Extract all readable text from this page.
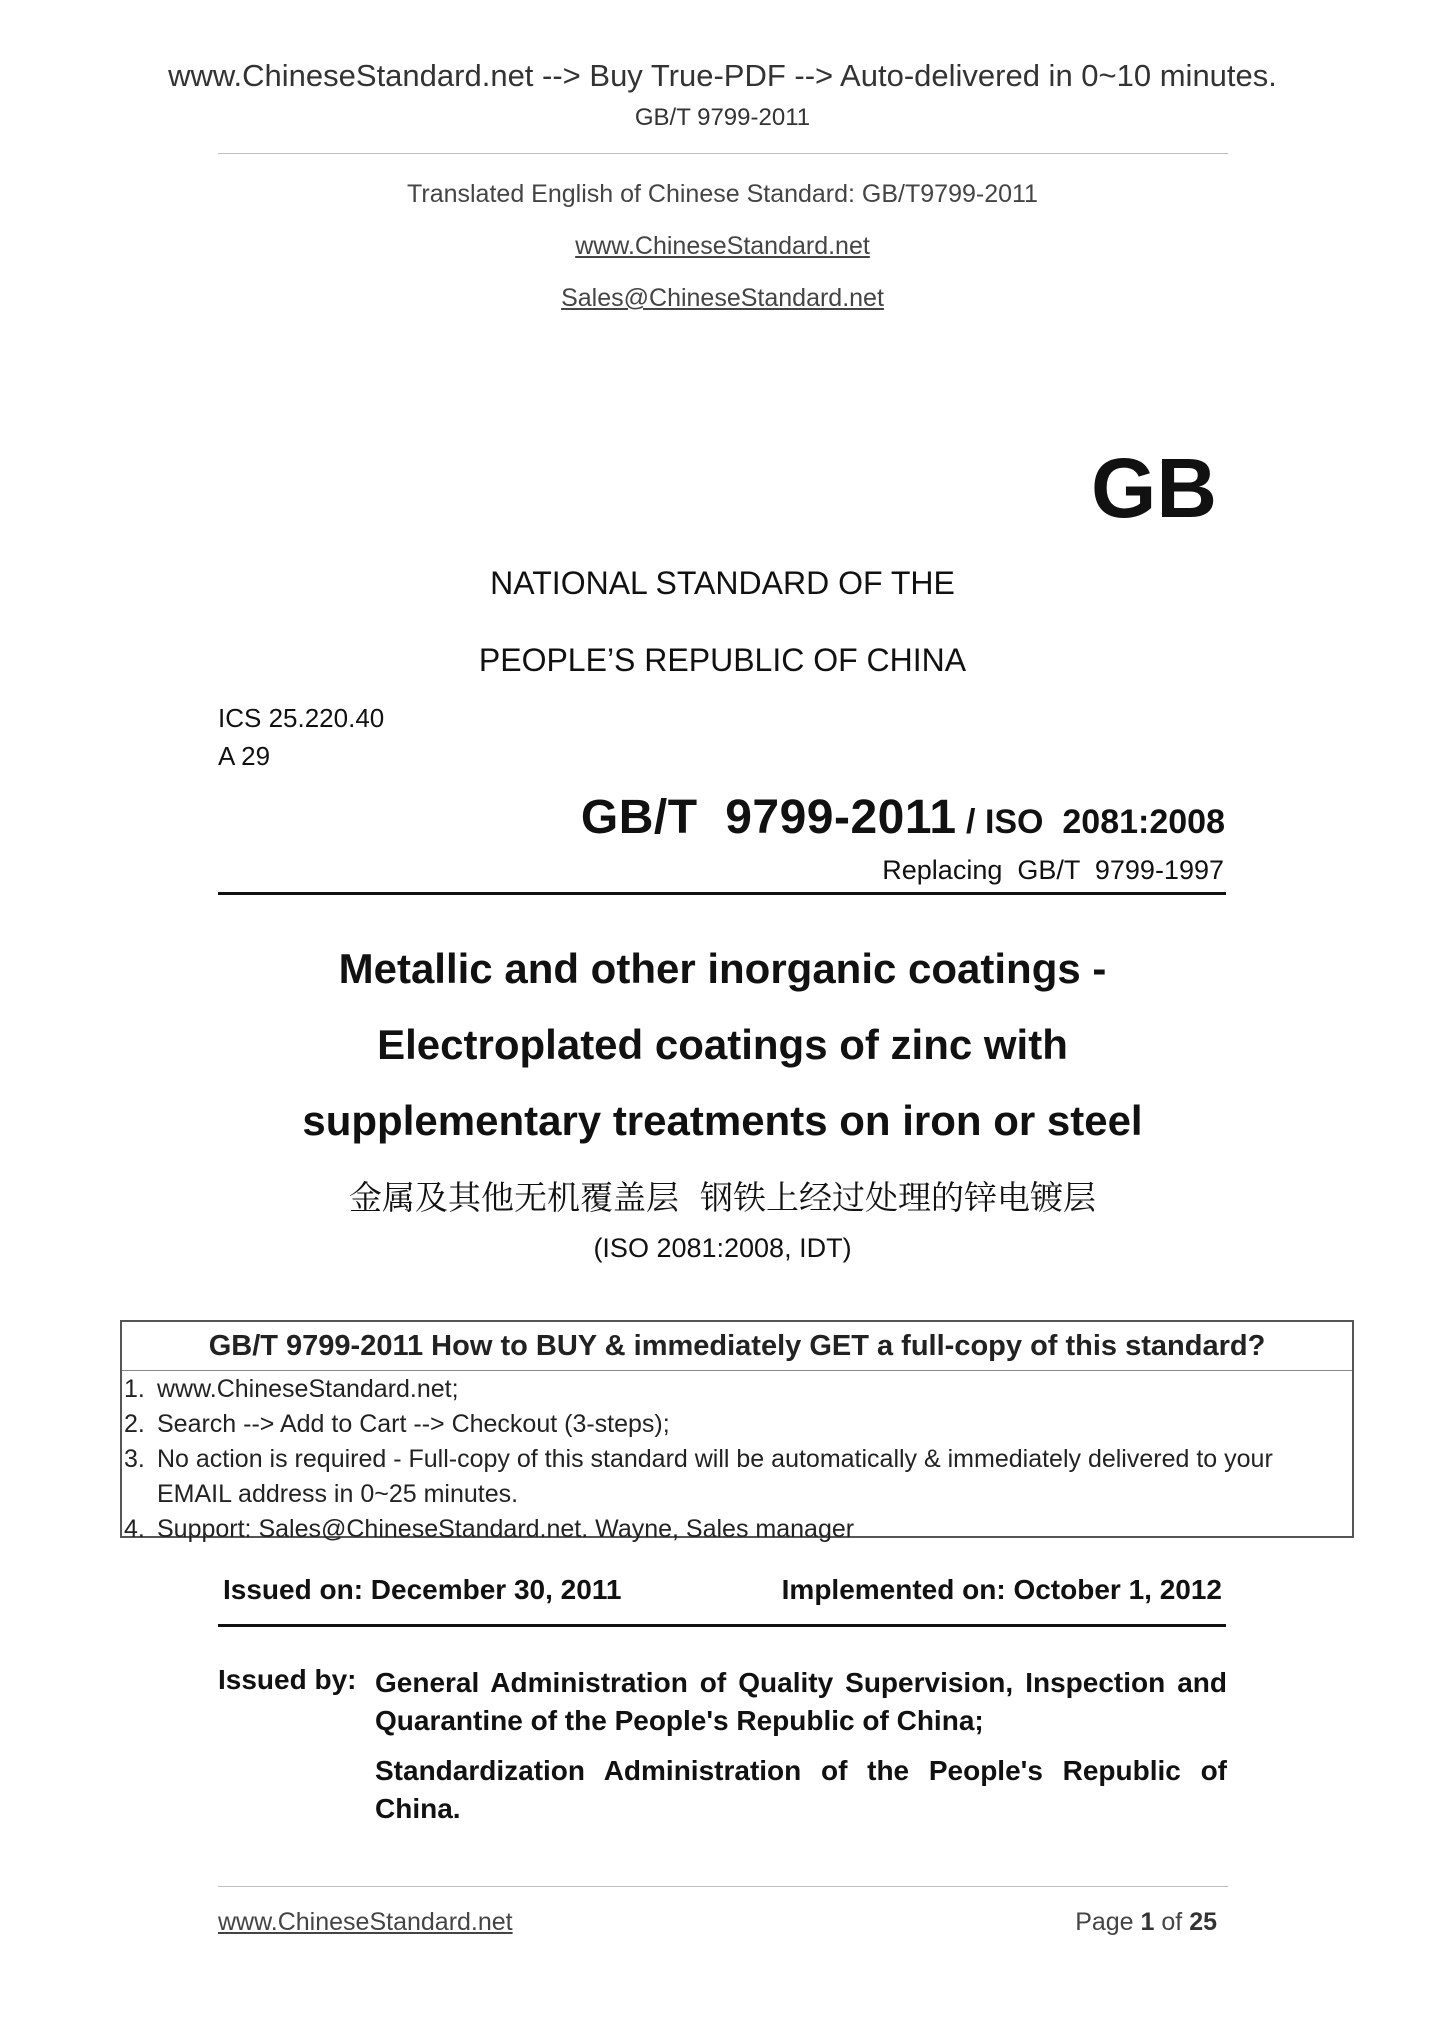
www.ChineseStandard.net --> Buy True-PDF --> Auto-delivered in 0~10 minutes.
GB/T 9799-2011
Translated English of Chinese Standard: GB/T9799-2011
www.ChineseStandard.net
Sales@ChineseStandard.net
GB
NATIONAL STANDARD OF THE
PEOPLE’S REPUBLIC OF CHINA
ICS 25.220.40
A 29
GB/T  9799-2011 / ISO  2081:2008
Replacing  GB/T  9799-1997
Metallic and other inorganic coatings -
Electroplated coatings of zinc with
supplementary treatments on iron or steel
金属及其他无机覆盖层  钢铁上经过处理的锌电镀层
(ISO 2081:2008, IDT)
GB/T 9799-2011 How to BUY & immediately GET a full-copy of this standard?
1. www.ChineseStandard.net;
2. Search --> Add to Cart --> Checkout (3-steps);
3. No action is required - Full-copy of this standard will be automatically & immediately delivered to your EMAIL address in 0~25 minutes.
4. Support: Sales@ChineseStandard.net. Wayne, Sales manager
Issued on: December 30, 2011	Implemented on: October 1, 2012
Issued by: General Administration of Quality Supervision, Inspection and Quarantine of the People's Republic of China;
Standardization Administration of the People's Republic of China.
www.ChineseStandard.net	Page 1 of 25
